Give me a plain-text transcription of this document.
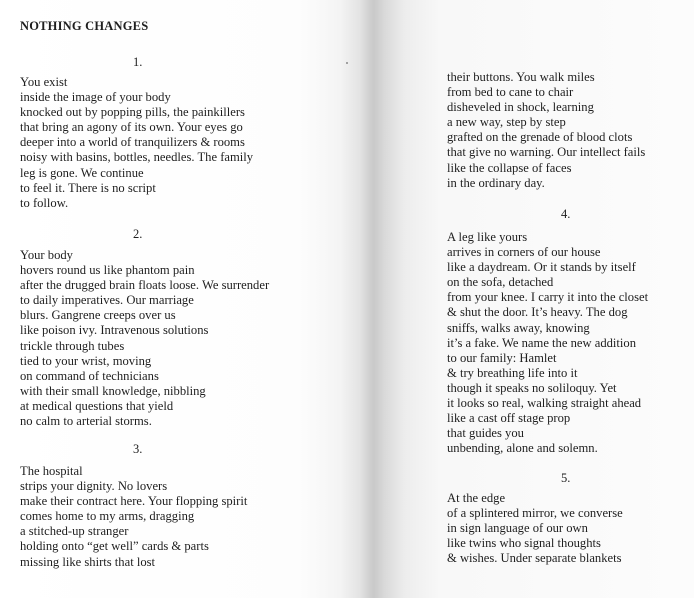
NOTHING CHANGES

1.

You exist
inside the image of your body
knocked out by popping pills, the painkillers
that bring an agony of its own. Your eyes go
deeper into a world of tranquilizers & rooms
noisy with basins, bottles, needles. The family
leg is gone. We continue
to feel it. There is no script
to follow.

2.

Your body
hovers round us like phantom pain
after the drugged brain floats loose. We surrender
to daily imperatives. Our marriage
blurs. Gangrene creeps over us
like poison ivy. Intravenous solutions
trickle through tubes
tied to your wrist, moving
on command of technicians
with their small knowledge, nibbling
at medical questions that yield
no calm to arterial storms.

3.

The hospital
strips your dignity. No lovers
make their contract here. Your flopping spirit
comes home to my arms, dragging
a stitched-up stranger
holding onto “get well” cards & parts
missing like shirts that lost
their buttons. You walk miles
from bed to cane to chair
disheveled in shock, learning
a new way, step by step
grafted on the grenade of blood clots
that give no warning. Our intellect fails
like the collapse of faces
in the ordinary day.

4.

A leg like yours
arrives in corners of our house
like a daydream. Or it stands by itself
on the sofa, detached
from your knee. I carry it into the closet
& shut the door. It’s heavy. The dog
sniffs, walks away, knowing
it’s a fake. We name the new addition
to our family: Hamlet
& try breathing life into it
though it speaks no soliloquy. Yet
it looks so real, walking straight ahead
like a cast off stage prop
that guides you
unbending, alone and solemn.

5.

At the edge
of a splintered mirror, we converse
in sign language of our own
like twins who signal thoughts
& wishes. Under separate blankets
